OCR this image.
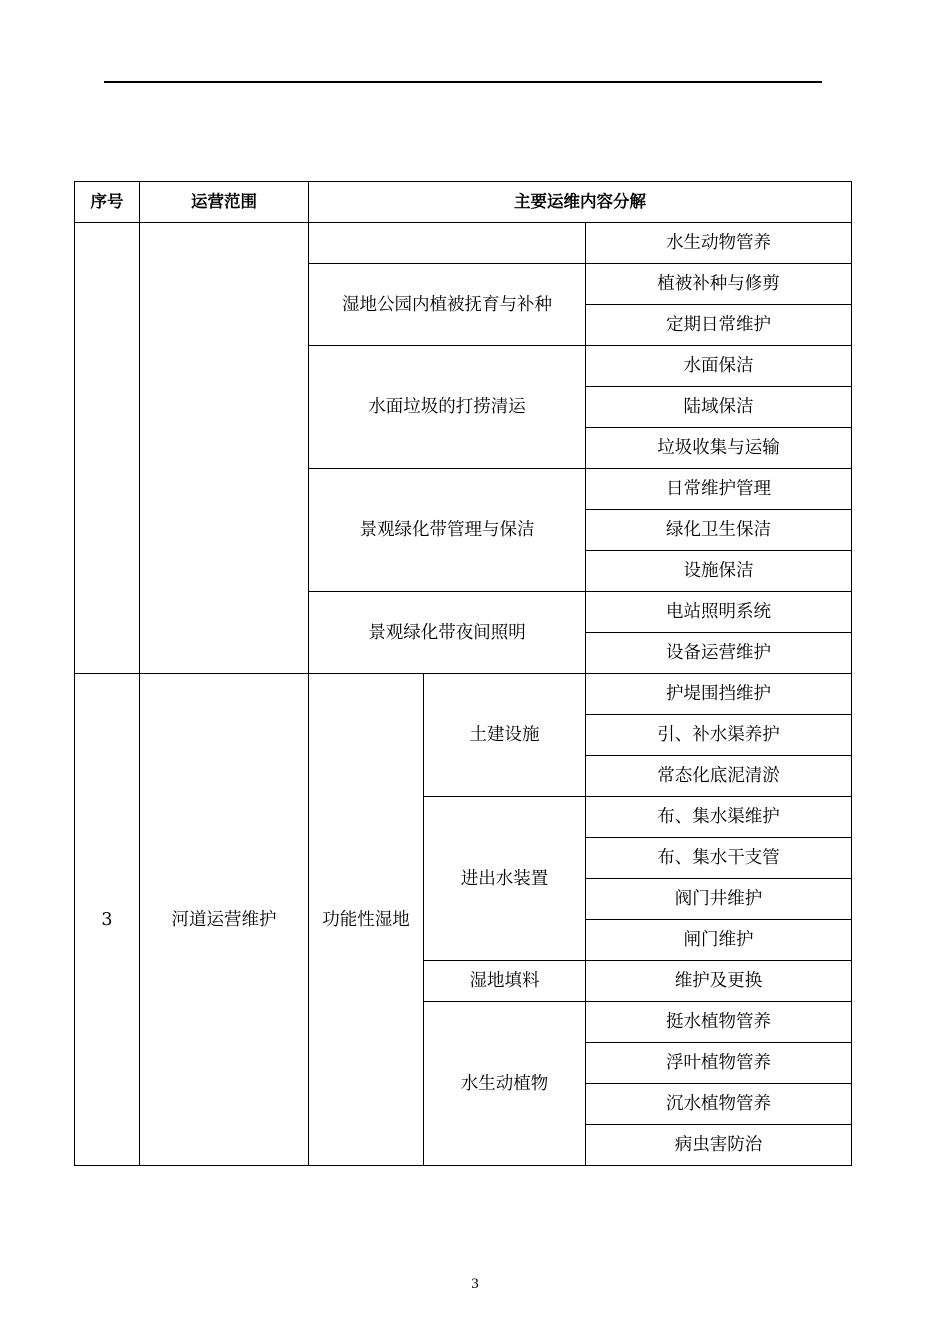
序号	运营范围	主要运维内容分解		
				水生动物管养
		湿地公园内植被抚育与补种		植被补种与修剪
				定期日常维护
		水面垃圾的打捞清运		水面保洁
				陆域保洁
				垃圾收集与运输
		景观绿化带管理与保洁		日常维护管理
				绿化卫生保洁
				设施保洁
		景观绿化带夜间照明		电站照明系统
				设备运营维护
3	河道运营维护	功能性湿地	土建设施	护堤围挡维护
				引、补水渠养护
				常态化底泥清淤
			进出水装置	布、集水渠维护
				布、集水干支管
				阀门井维护
				闸门维护
			湿地填料	维护及更换
			水生动植物	挺水植物管养
				浮叶植物管养
				沉水植物管养
				病虫害防治
3
